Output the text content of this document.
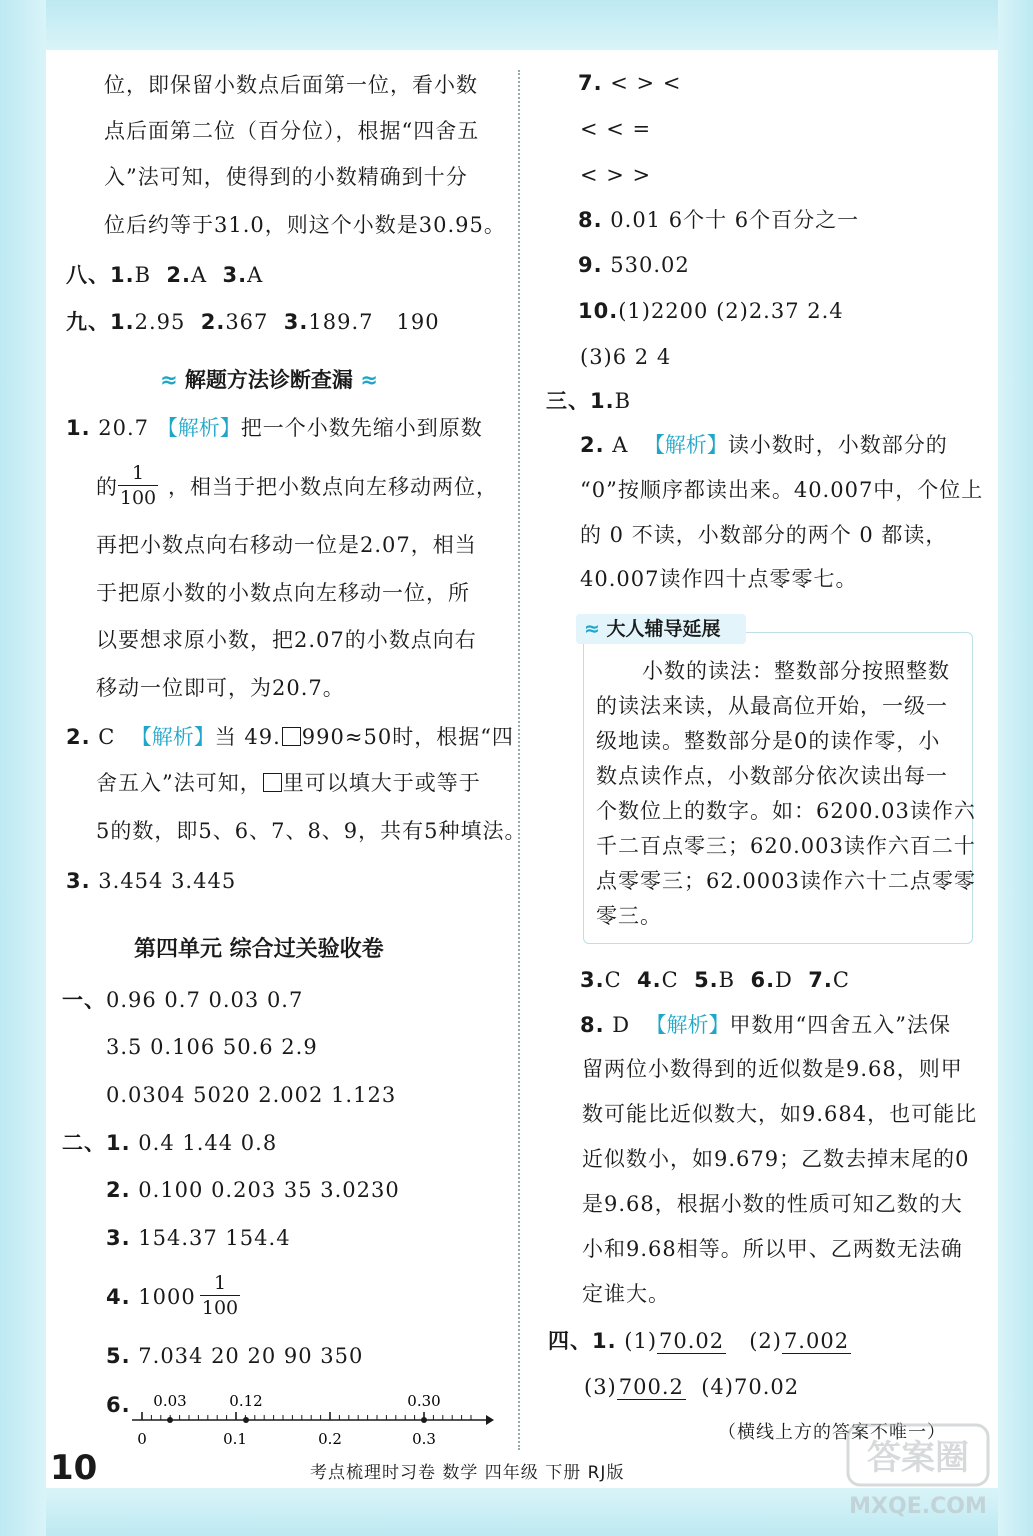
位，即保留小数点后面第一位，看小数
点后面第二位（百分位），根据“四舍五
入”法可知，使得到的小数精确到十分
位后约等于31.0，则这个小数是30.95。
八、1.B 2.A 3.A
九、1.2.95 2.367 3.189.7 190
≈ 解题方法诊断查漏 ≈
1. 20.7 【解析】把一个小数先缩小到原数
的 ，相当于把小数点向左移动两位，
1
100
再把小数点向右移动一位是2.07，相当
于把原小数的小数点向左移动一位，所
以要想求原小数，把2.07的小数点向右
移动一位即可，为20.7。
2. C 【解析】当 49. 990≈50时，根据“四
舍五入”法可知， 里可以填大于或等于
5的数，即5、6、7、8、9，共有5种填法。
3. 3.454 3.445
第四单元 综合过关验收卷
一、0.96 0.7 0.03 0.7
3.5 0.106 50.6 2.9
0.0304 5020 2.002 1.123
二、1. 0.4 1.44 0.8
2. 0.100 0.203 35 3.0230
3. 154.37 154.4
4. 1000
1
100
5. 7.034 20 20 90 350
6. 0.03	0.12	0.30
0	0.1	0.2	0.3
7. < > <
< < =
< > >
8. 0.01 6个十 6个百分之一
9. 530.02
10.(1)2200 (2)2.37 2.4
(3)6 2 4
三、1.B
2. A 【解析】读小数时，小数部分的
“0”按顺序都读出来。40.007中，个位上
的 0 不读，小数部分的两个 0 都读，
40.007读作四十点零零七。
≈ 大人辅导延展
小数的读法：整数部分按照整数
的读法来读，从最高位开始，一级一
级地读。整数部分是0的读作零，小
数点读作点，小数部分依次读出每一
个数位上的数字。如：6200.03读作六
千二百点零三；620.003读作六百二十
点零零三；62.0003读作六十二点零零
零三。
3.C 4.C 5.B 6.D 7.C
8. D 【解析】甲数用“四舍五入”法保
留两位小数得到的近似数是9.68，则甲
数可能比近似数大，如9.684，也可能比
近似数小，如9.679；乙数去掉末尾的0
是9.68，根据小数的性质可知乙数的大
小和9.68相等。所以甲、乙两数无法确
定谁大。
四、1. (1)70.02 (2)7.002
(3)700.2 (4)70.02
（横线上方的答案不唯一）
10	考点梳理时习卷 数学 四年级 下册 RJ版	答案圈
MXQE.COM
